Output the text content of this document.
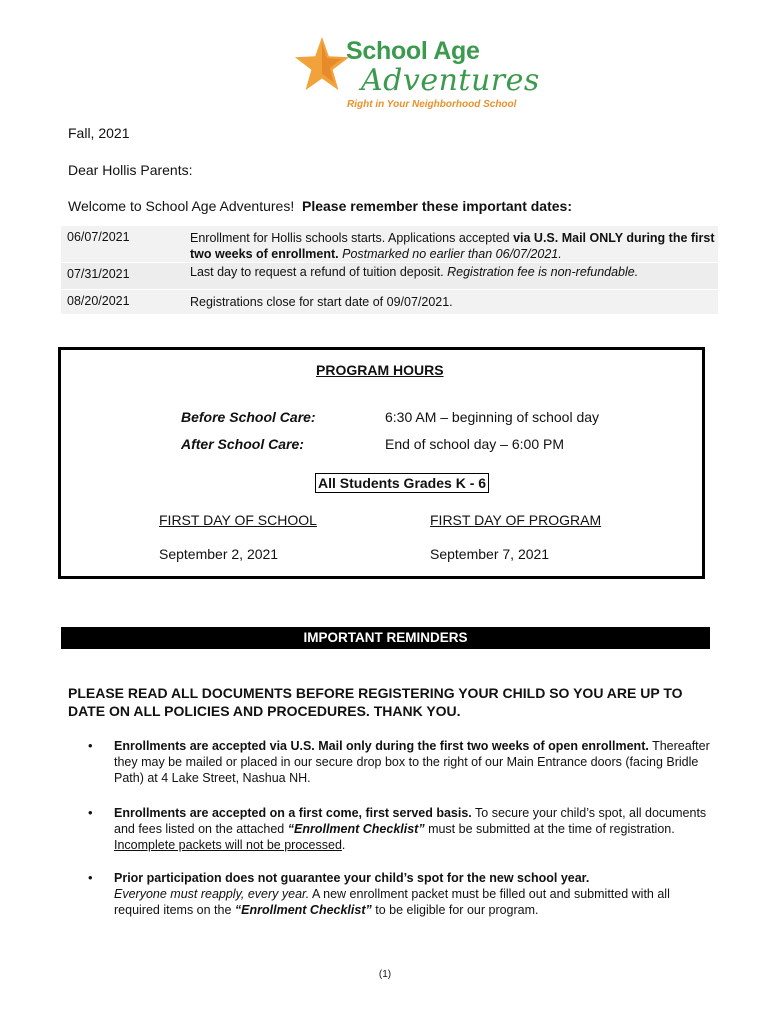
School Age
Adventures
Right in Your Neighborhood School
Fall, 2021
Dear Hollis Parents:
Welcome to School Age Adventures! Please remember these important dates:
06/07/2021	Enrollment for Hollis schools starts. Applications accepted via U.S. Mail ONLY during the first two weeks of enrollment. Postmarked no earlier than 06/07/2021.
07/31/2021	Last day to request a refund of tuition deposit. Registration fee is non-refundable.
08/20/2021	Registrations close for start date of 09/07/2021.
PROGRAM HOURS
Before School Care:	6:30 AM – beginning of school day
After School Care:	End of school day – 6:00 PM
All Students Grades K - 6
FIRST DAY OF SCHOOL	FIRST DAY OF PROGRAM
September 2, 2021	September 7, 2021
IMPORTANT REMINDERS
PLEASE READ ALL DOCUMENTS BEFORE REGISTERING YOUR CHILD SO YOU ARE UP TO DATE ON ALL POLICIES AND PROCEDURES. THANK YOU.
• Enrollments are accepted via U.S. Mail only during the first two weeks of open enrollment. Thereafter they may be mailed or placed in our secure drop box to the right of our Main Entrance doors (facing Bridle Path) at 4 Lake Street, Nashua NH.
• Enrollments are accepted on a first come, first served basis. To secure your child’s spot, all documents and fees listed on the attached “Enrollment Checklist” must be submitted at the time of registration. Incomplete packets will not be processed.
• Prior participation does not guarantee your child’s spot for the new school year.
Everyone must reapply, every year. A new enrollment packet must be filled out and submitted with all required items on the “Enrollment Checklist” to be eligible for our program.
(1)
